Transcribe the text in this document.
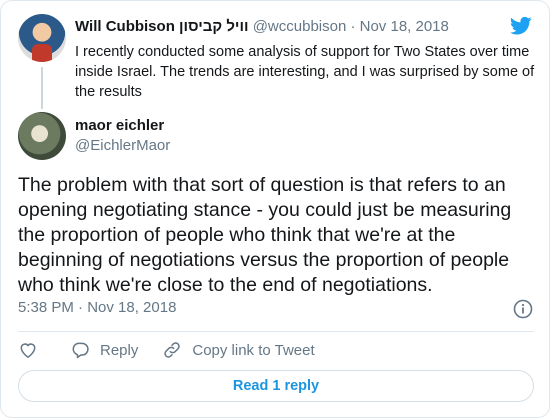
Will Cubbison וויל קביסון @wccubbison · Nov 18, 2018
I recently conducted some analysis of support for Two States over time inside Israel. The trends are interesting, and I was surprised by some of the results
maor eichler
@EichlerMaor
The problem with that sort of question is that refers to an opening negotiating stance - you could just be measuring the proportion of people who think that we're at the beginning of negotiations versus the proportion of people who think we're close to the end of negotiations.
5:38 PM · Nov 18, 2018
Reply	Copy link to Tweet
Read 1 reply
